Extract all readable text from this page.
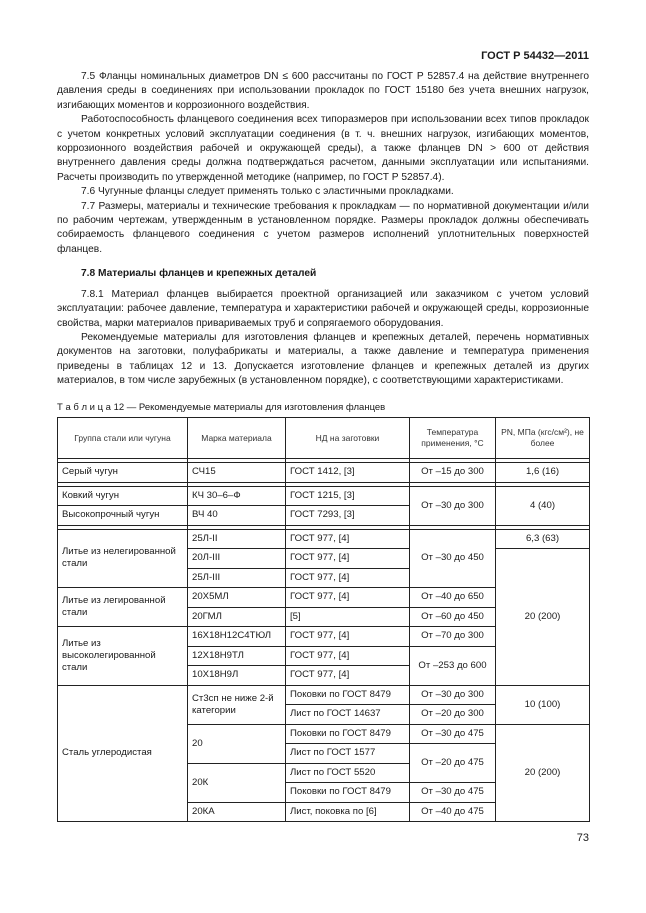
ГОСТ Р 54432—2011

7.5 Фланцы номинальных диаметров DN ≤ 600 рассчитаны по ГОСТ Р 52857.4 на действие внутреннего давления среды в соединениях при использовании прокладок по ГОСТ 15180 без учета внешних нагрузок, изгибающих моментов и коррозионного воздействия.

Работоспособность фланцевого соединения всех типоразмеров при использовании всех типов прокладок с учетом конкретных условий эксплуатации соединения (в т. ч. внешних нагрузок, изгибающих моментов, коррозионного воздействия рабочей и окружающей среды), а также фланцев DN > 600 от действия внутреннего давления среды должна подтверждаться расчетом, данными эксплуатации или испытаниями. Расчеты производить по утвержденной методике (например, по ГОСТ Р 52857.4).

7.6 Чугунные фланцы следует применять только с эластичными прокладками.

7.7 Размеры, материалы и технические требования к прокладкам — по нормативной документации и/или по рабочим чертежам, утвержденным в установленном порядке. Размеры прокладок должны обеспечивать собираемость фланцевого соединения с учетом размеров исполнений уплотнительных поверхностей фланцев.

7.8 Материалы фланцев и крепежных деталей

7.8.1 Материал фланцев выбирается проектной организацией или заказчиком с учетом условий эксплуатации: рабочее давление, температура и характеристики рабочей и окружающей среды, коррозионные свойства, марки материалов привариваемых труб и сопрягаемого оборудования.

Рекомендуемые материалы для изготовления фланцев и крепежных деталей, перечень нормативных документов на заготовки, полуфабрикаты и материалы, а также давление и температура применения приведены в таблицах 12 и 13. Допускается изготовление фланцев и крепежных деталей из других материалов, в том числе зарубежных (в установленном порядке), с соответствующими характеристиками.

Т а б л и ц а 12 — Рекомендуемые материалы для изготовления фланцев
Группа стали или чугуна	Марка материала	НД на заготовки	Температура применения, °С	PN, МПа (кгс/см²), не более

Серый чугун	СЧ15	ГОСТ 1412, [3]	От –15 до 300	1,6 (16)

Ковкий чугун	КЧ 30–6–Ф	ГОСТ 1215, [3]	От –30 до 300	4 (40)
Высокопрочный чугун	ВЧ 40	ГОСТ 7293, [3]		

Литье из нелегированной стали	25Л-II	ГОСТ 977, [4]	От –30 до 450	6,3 (63)
	20Л-III	ГОСТ 977, [4]		20 (200)
	25Л-III	ГОСТ 977, [4]		
Литье из легированной стали	20Х5МЛ	ГОСТ 977, [4]	От –40 до 650	
	20ГМЛ	[5]	От –60 до 450	
Литье из высоколегированной стали	16Х18Н12С4ТЮЛ	ГОСТ 977, [4]	От –70 до 300	
	12Х18Н9ТЛ	ГОСТ 977, [4]	От –253 до 600	
	10Х18Н9Л	ГОСТ 977, [4]		
Сталь углеродистая	Ст3сп не ниже 2-й категории	Поковки по ГОСТ 8479	От –30 до 300	10 (100)
		Лист по ГОСТ 14637	От –20 до 300	
	20	Поковки по ГОСТ 8479	От –30 до 475	20 (200)
		Лист по ГОСТ 1577	От –20 до 475	
	20К	Лист по ГОСТ 5520		
		Поковки по ГОСТ 8479	От –30 до 475	
	20КА	Лист, поковка по [6]	От –40 до 475	
73
